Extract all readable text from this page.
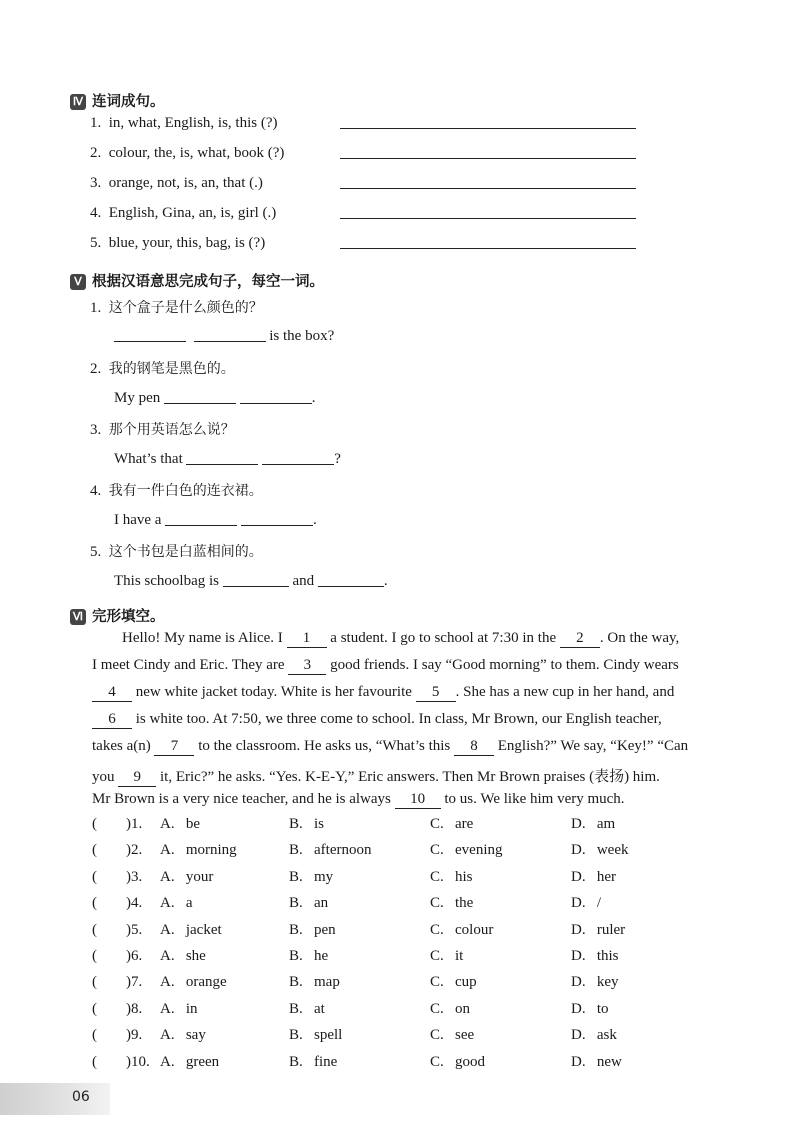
Ⅳ 连词成句。
1. in, what, English, is, this (?)
2. colour, the, is, what, book (?)
3. orange, not, is, an, that (.)
4. English, Gina, an, is, girl (.)
5. blue, your, this, bag, is (?)
Ⅴ 根据汉语意思完成句子，每空一词。
1. 这个盒子是什么颜色的？
is the box?
2. 我的钢笔是黑色的。
My pen	.
3. 那个用英语怎么说？
What’s that	?
4. 我有一件白色的连衣裙。
I have a	.
5. 这个书包是白蓝相间的。
This schoolbag is	and	.
Ⅵ 完形填空。
Hello! My name is Alice. I 1 a student. I go to school at 7:30 in the 2 . On the way,
I meet Cindy and Eric. They are 3 good friends. I say “Good morning” to them. Cindy wears
4 new white jacket today. White is her favourite 5 . She has a new cup in her hand, and
6 is white too. At 7:50, we three come to school. In class, Mr Brown, our English teacher,
takes a(n) 7 to the classroom. He asks us, “What’s this 8 English?” We say, “Key!” “Can
you 9 it, Eric?” he asks. “Yes. K-E-Y,” Eric answers. Then Mr Brown praises (表扬) him.
Mr Brown is a very nice teacher, and he is always 10 to us. We like him very much.
( )1. A. be	B. is	C. are	D. am
( )2. A. morning	B. afternoon	C. evening	D. week
( )3. A. your	B. my	C. his	D. her
( )4. A. a	B. an	C. the	D. /
( )5. A. jacket	B. pen	C. colour	D. ruler
( )6. A. she	B. he	C. it	D. this
( )7. A. orange	B. map	C. cup	D. key
( )8. A. in	B. at	C. on	D. to
( )9. A. say	B. spell	C. see	D. ask
( )10. A. green	B. fine	C. good	D. new
06
